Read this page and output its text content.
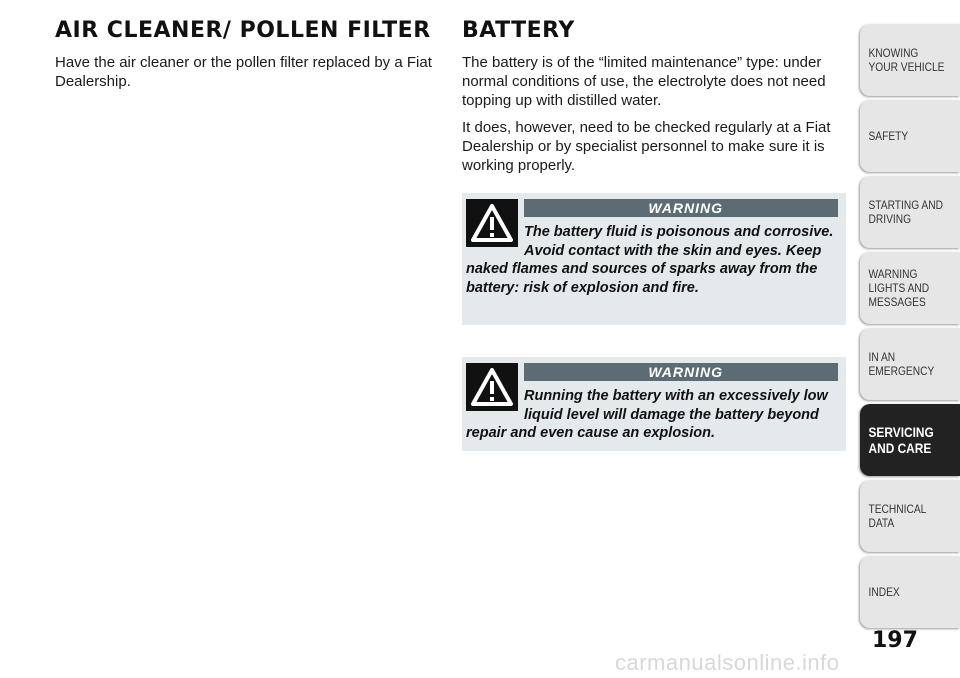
AIR CLEANER/ POLLEN FILTER

Have the air cleaner or the pollen filter replaced by a Fiat Dealership.

BATTERY

The battery is of the “limited maintenance” type: under normal conditions of use, the electrolyte does not need topping up with distilled water.

It does, however, need to be checked regularly at a Fiat Dealership or by specialist personnel to make sure it is working properly.

WARNING
The battery fluid is poisonous and corrosive. Avoid contact with the skin and eyes. Keep naked flames and sources of sparks away from the battery: risk of explosion and fire.
WARNING
Running the battery with an excessively low liquid level will damage the battery beyond repair and even cause an explosion.
KNOWING YOUR VEHICLE
SAFETY
STARTING AND DRIVING
WARNING LIGHTS AND MESSAGES
IN AN EMERGENCY
SERVICING AND CARE
TECHNICAL DATA
INDEX
197
carmanualsonline.info
